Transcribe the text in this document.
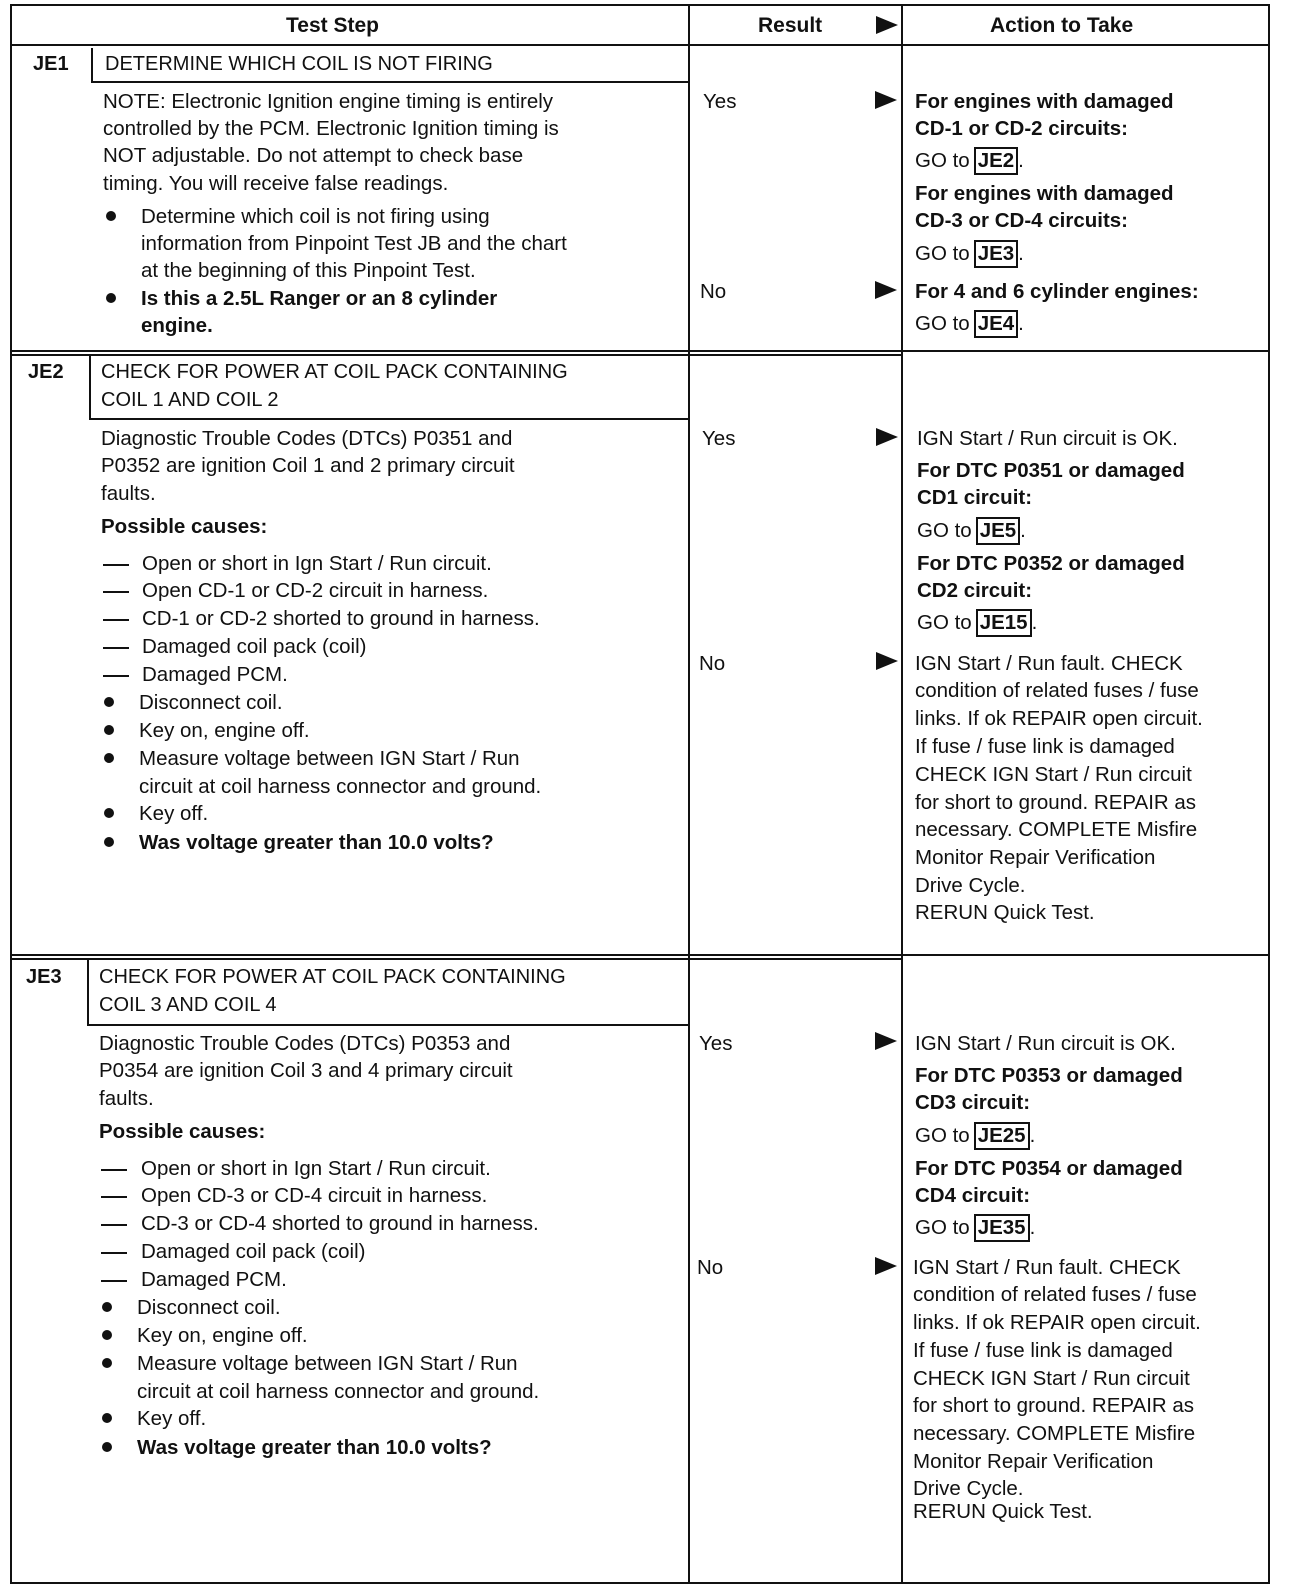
Test Step	Result	Action to Take
JE1 DETERMINE WHICH COIL IS NOT FIRING
NOTE: Electronic Ignition engine timing is entirely
controlled by the PCM. Electronic Ignition timing is
NOT adjustable. Do not attempt to check base
timing. You will receive false readings.
Determine which coil is not firing using
information from Pinpoint Test JB and the chart
at the beginning of this Pinpoint Test.
Is this a 2.5L Ranger or an 8 cylinder
engine.
Yes
No
For engines with damaged
CD-1 or CD-2 circuits:
GO to JE2 .
For engines with damaged
CD-3 or CD-4 circuits:
GO to JE3 .
For 4 and 6 cylinder engines:
GO to JE4 .
JE2 CHECK FOR POWER AT COIL PACK CONTAINING
COIL 1 AND COIL 2
Diagnostic Trouble Codes (DTCs) P0351 and
P0352 are ignition Coil 1 and 2 primary circuit
faults.
Possible causes:
Open or short in Ign Start / Run circuit.
Open CD-1 or CD-2 circuit in harness.
CD-1 or CD-2 shorted to ground in harness.
Damaged coil pack (coil)
Damaged PCM.
Disconnect coil.
Key on, engine off.
Measure voltage between IGN Start / Run
circuit at coil harness connector and ground.
Key off.
Was voltage greater than 10.0 volts?
Yes
No
IGN Start / Run circuit is OK.
For DTC P0351 or damaged
CD1 circuit:
GO to JE5 .
For DTC P0352 or damaged
CD2 circuit:
GO to JE15 .
IGN Start / Run fault. CHECK
condition of related fuses / fuse
links. If ok REPAIR open circuit.
If fuse / fuse link is damaged
CHECK IGN Start / Run circuit
for short to ground. REPAIR as
necessary. COMPLETE Misfire
Monitor Repair Verification
Drive Cycle.
RERUN Quick Test.
JE3 CHECK FOR POWER AT COIL PACK CONTAINING
COIL 3 AND COIL 4
Diagnostic Trouble Codes (DTCs) P0353 and
P0354 are ignition Coil 3 and 4 primary circuit
faults.
Possible causes:
Open or short in Ign Start / Run circuit.
Open CD-3 or CD-4 circuit in harness.
CD-3 or CD-4 shorted to ground in harness.
Damaged coil pack (coil)
Damaged PCM.
Disconnect coil.
Key on, engine off.
Measure voltage between IGN Start / Run
circuit at coil harness connector and ground.
Key off.
Was voltage greater than 10.0 volts?
Yes
No
IGN Start / Run circuit is OK.
For DTC P0353 or damaged
CD3 circuit:
GO to JE25 .
For DTC P0354 or damaged
CD4 circuit:
GO to JE35 .
IGN Start / Run fault. CHECK
condition of related fuses / fuse
links. If ok REPAIR open circuit.
If fuse / fuse link is damaged
CHECK IGN Start / Run circuit
for short to ground. REPAIR as
necessary. COMPLETE Misfire
Monitor Repair Verification
Drive Cycle.
RERUN Quick Test.
